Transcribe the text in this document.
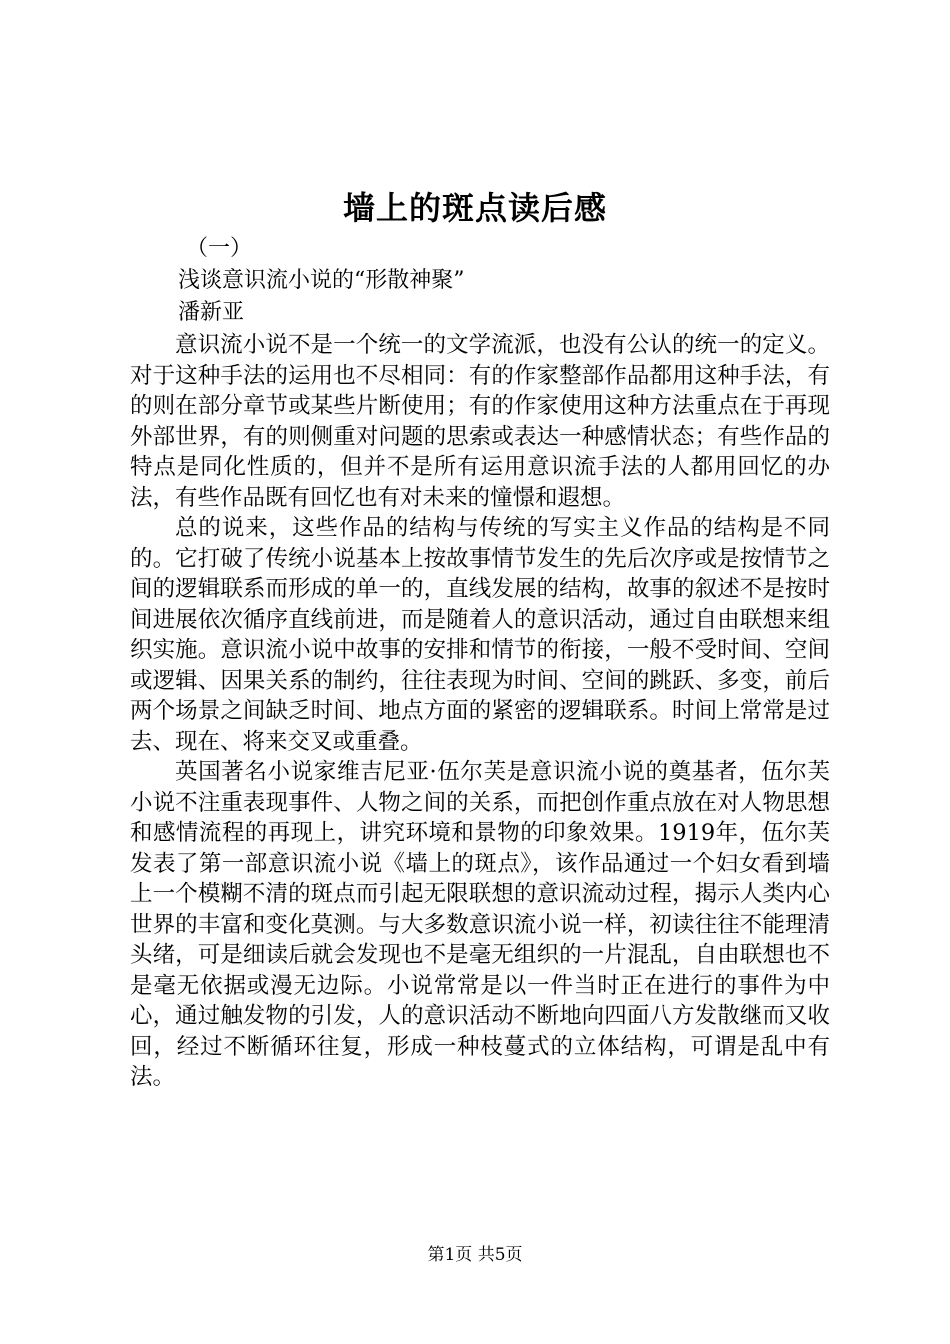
墙上的斑点读后感
（一）
浅谈意识流小说的“形散神聚”
潘新亚

意识流小说不是一个统一的文学流派，也没有公认的统一的定义。对于这种手法的运用也不尽相同：有的作家整部作品都用这种手法，有的则在部分章节或某些片断使用；有的作家使用这种方法重点在于再现外部世界，有的则侧重对问题的思索或表达一种感情状态；有些作品的特点是同化性质的，但并不是所有运用意识流手法的人都用回忆的办法，有些作品既有回忆也有对未来的憧憬和遐想。

总的说来，这些作品的结构与传统的写实主义作品的结构是不同的。它打破了传统小说基本上按故事情节发生的先后次序或是按情节之间的逻辑联系而形成的单一的，直线发展的结构，故事的叙述不是按时间进展依次循序直线前进，而是随着人的意识活动，通过自由联想来组织实施。意识流小说中故事的安排和情节的衔接，一般不受时间、空间或逻辑、因果关系的制约，往往表现为时间、空间的跳跃、多变，前后两个场景之间缺乏时间、地点方面的紧密的逻辑联系。时间上常常是过去、现在、将来交叉或重叠。

英国著名小说家维吉尼亚·伍尔芙是意识流小说的奠基者，伍尔芙小说不注重表现事件、人物之间的关系，而把创作重点放在对人物思想和感情流程的再现上，讲究环境和景物的印象效果。1919年，伍尔芙发表了第一部意识流小说《墙上的斑点》，该作品通过一个妇女看到墙上一个模糊不清的斑点而引起无限联想的意识流动过程，揭示人类内心世界的丰富和变化莫测。与大多数意识流小说一样，初读往往不能理清头绪，可是细读后就会发现也不是毫无组织的一片混乱，自由联想也不是毫无依据或漫无边际。小说常常是以一件当时正在进行的事件为中心，通过触发物的引发，人的意识活动不断地向四面八方发散继而又收回，经过不断循环往复，形成一种枝蔓式的立体结构，可谓是乱中有法。

第1页 共5页
